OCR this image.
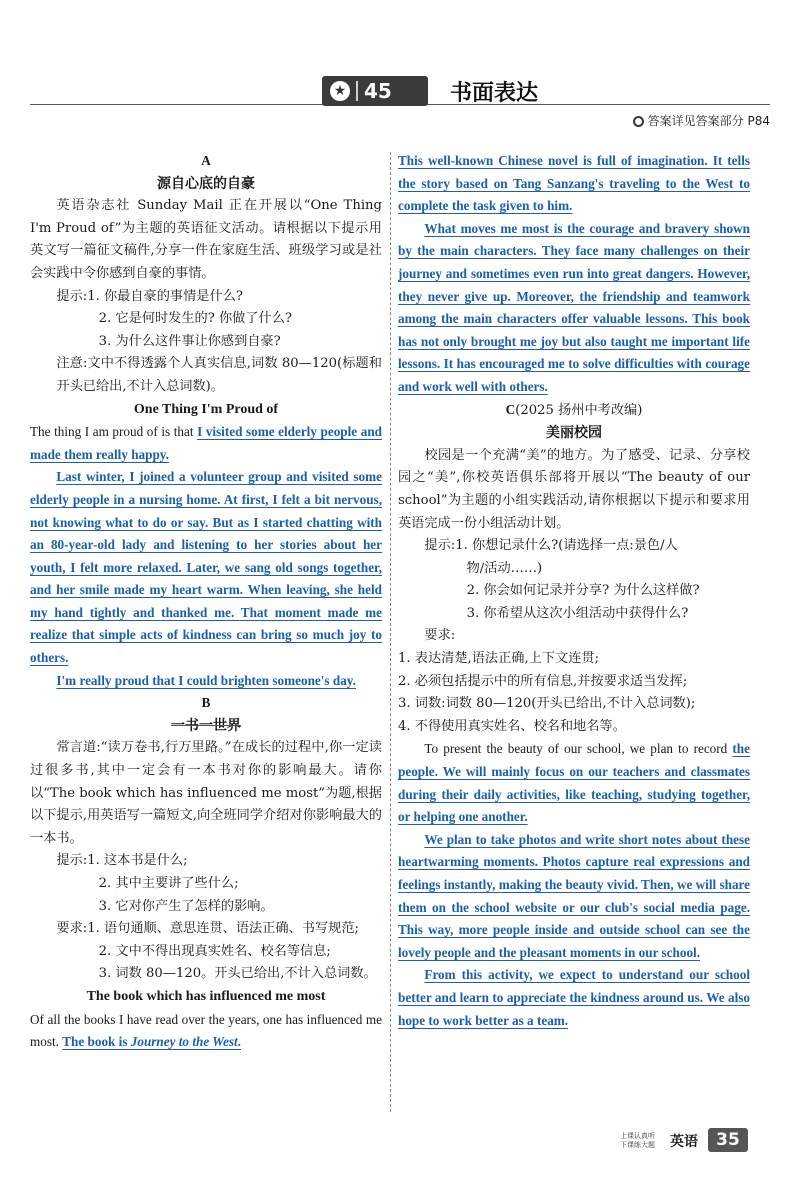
★ 45	书面表达
答案详见答案部分 P84

A

源自心底的自豪

英语杂志社 Sunday Mail 正在开展以“One Thing I'm Proud of”为主题的英语征文活动。请根据以下提示用英文写一篇征文稿件,分享一件在家庭生活、班级学习或是社会实践中令你感到自豪的事情。

提示:1. 你最自豪的事情是什么?

2. 它是何时发生的? 你做了什么?

3. 为什么这件事让你感到自豪?

注意:文中不得透露个人真实信息,词数 80—120(标题和开头已给出,不计入总词数)。

One Thing I'm Proud of

The thing I am proud of is that I visited some elderly people and made them really happy.

Last winter, I joined a volunteer group and visited some elderly people in a nursing home. At first, I felt a bit nervous, not knowing what to do or say. But as I started chatting with an 80-year-old lady and listening to her stories about her youth, I felt more relaxed. Later, we sang old songs together, and her smile made my heart warm. When leaving, she held my hand tightly and thanked me. That moment made me realize that simple acts of kindness can bring so much joy to others.

I'm really proud that I could brighten someone's day.

B

一书一世界

常言道:“读万卷书,行万里路。”在成长的过程中,你一定读过很多书,其中一定会有一本书对你的影响最大。请你以“The book which has influenced me most”为题,根据以下提示,用英语写一篇短文,向全班同学介绍对你影响最大的一本书。

提示:1. 这本书是什么;

2. 其中主要讲了些什么;

3. 它对你产生了怎样的影响。

要求:1. 语句通顺、意思连贯、语法正确、书写规范;

2. 文中不得出现真实姓名、校名等信息;

3. 词数 80—120。开头已给出,不计入总词数。

The book which has influenced me most

Of all the books I have read over the years, one has influenced me most. The book is Journey to the West.

This well-known Chinese novel is full of imagination. It tells the story based on Tang Sanzang's traveling to the West to complete the task given to him.

What moves me most is the courage and bravery shown by the main characters. They face many challenges on their journey and sometimes even run into great dangers. However, they never give up. Moreover, the friendship and teamwork among the main characters offer valuable lessons. This book has not only brought me joy but also taught me important life lessons. It has encouraged me to solve difficulties with courage and work well with others.

C(2025 扬州中考改编)

美丽校园

校园是一个充满“美”的地方。为了感受、记录、分享校园之“美”,你校英语俱乐部将开展以“The beauty of our school”为主题的小组实践活动,请你根据以下提示和要求用英语完成一份小组活动计划。

提示:1. 你想记录什么?(请选择一点:景色/人

物/活动……)

2. 你会如何记录并分享? 为什么这样做?

3. 你希望从这次小组活动中获得什么?

要求:

1. 表达清楚,语法正确,上下文连贯;

2. 必须包括提示中的所有信息,并按要求适当发挥;

3. 词数:词数 80—120(开头已给出,不计入总词数);

4. 不得使用真实姓名、校名和地名等。

To present the beauty of our school, we plan to record the people. We will mainly focus on our teachers and classmates during their daily activities, like teaching, studying together, or helping one another.

We plan to take photos and write short notes about these heartwarming moments. Photos capture real expressions and feelings instantly, making the beauty vivid. Then, we will share them on the school website or our club's social media page. This way, more people inside and outside school can see the lovely people and the pleasant moments in our school.

From this activity, we expect to understand our school better and learn to appreciate the kindness around us. We also hope to work better as a team.

上课认真听 下课练大题	英语	35
